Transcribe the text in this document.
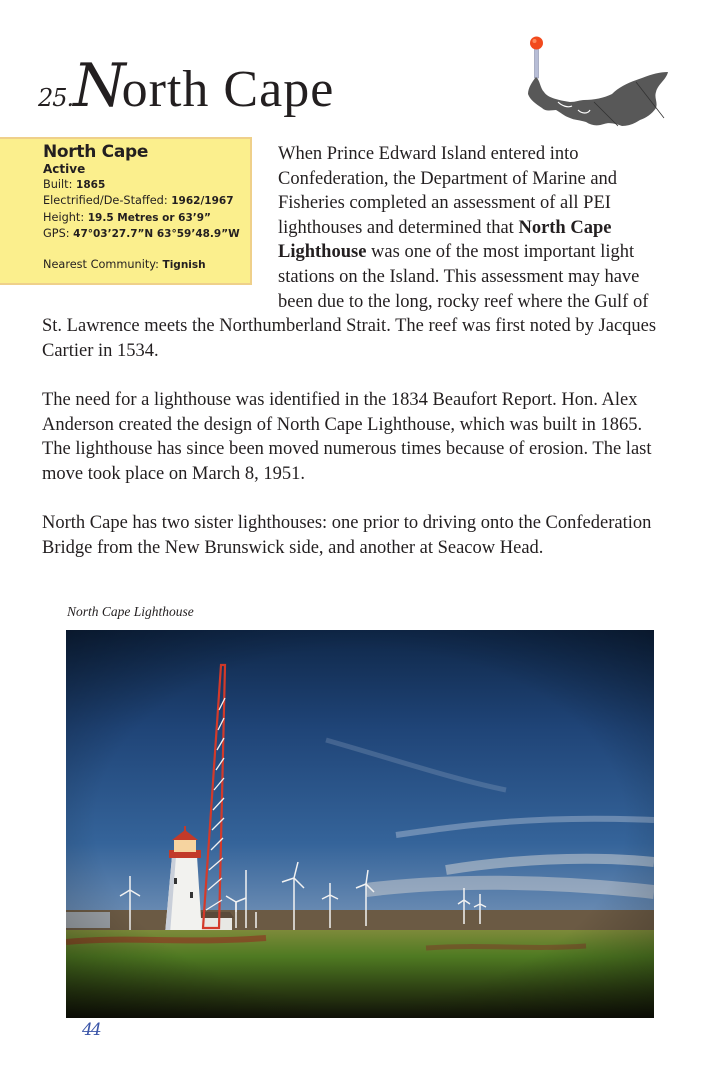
25.North Cape
North Cape
Active
Built: 1865
Electrified/De-Staffed: 1962/1967
Height: 19.5 Metres or 63’9”
GPS: 47°03’27.7”N 63°59’48.9”W
Nearest Community: Tignish

When Prince Edward Island entered into Confederation, the Department of Marine and Fisheries completed an assessment of all PEI lighthouses and determined that North Cape Lighthouse was one of the most important light stations on the Island. This assessment may have been due to the long, rocky reef where the Gulf of St. Lawrence meets the Northumberland Strait. The reef was first noted by Jacques Cartier in 1534.

The need for a lighthouse was identified in the 1834 Beaufort Report. Hon. Alex Anderson created the design of North Cape Lighthouse, which was built in 1865. The lighthouse has since been moved numerous times because of erosion. The last move took place on March 8, 1951.

North Cape has two sister lighthouses: one prior to driving onto the Confederation Bridge from the New Brunswick side, and another at Seacow Head.

North Cape Lighthouse
44
